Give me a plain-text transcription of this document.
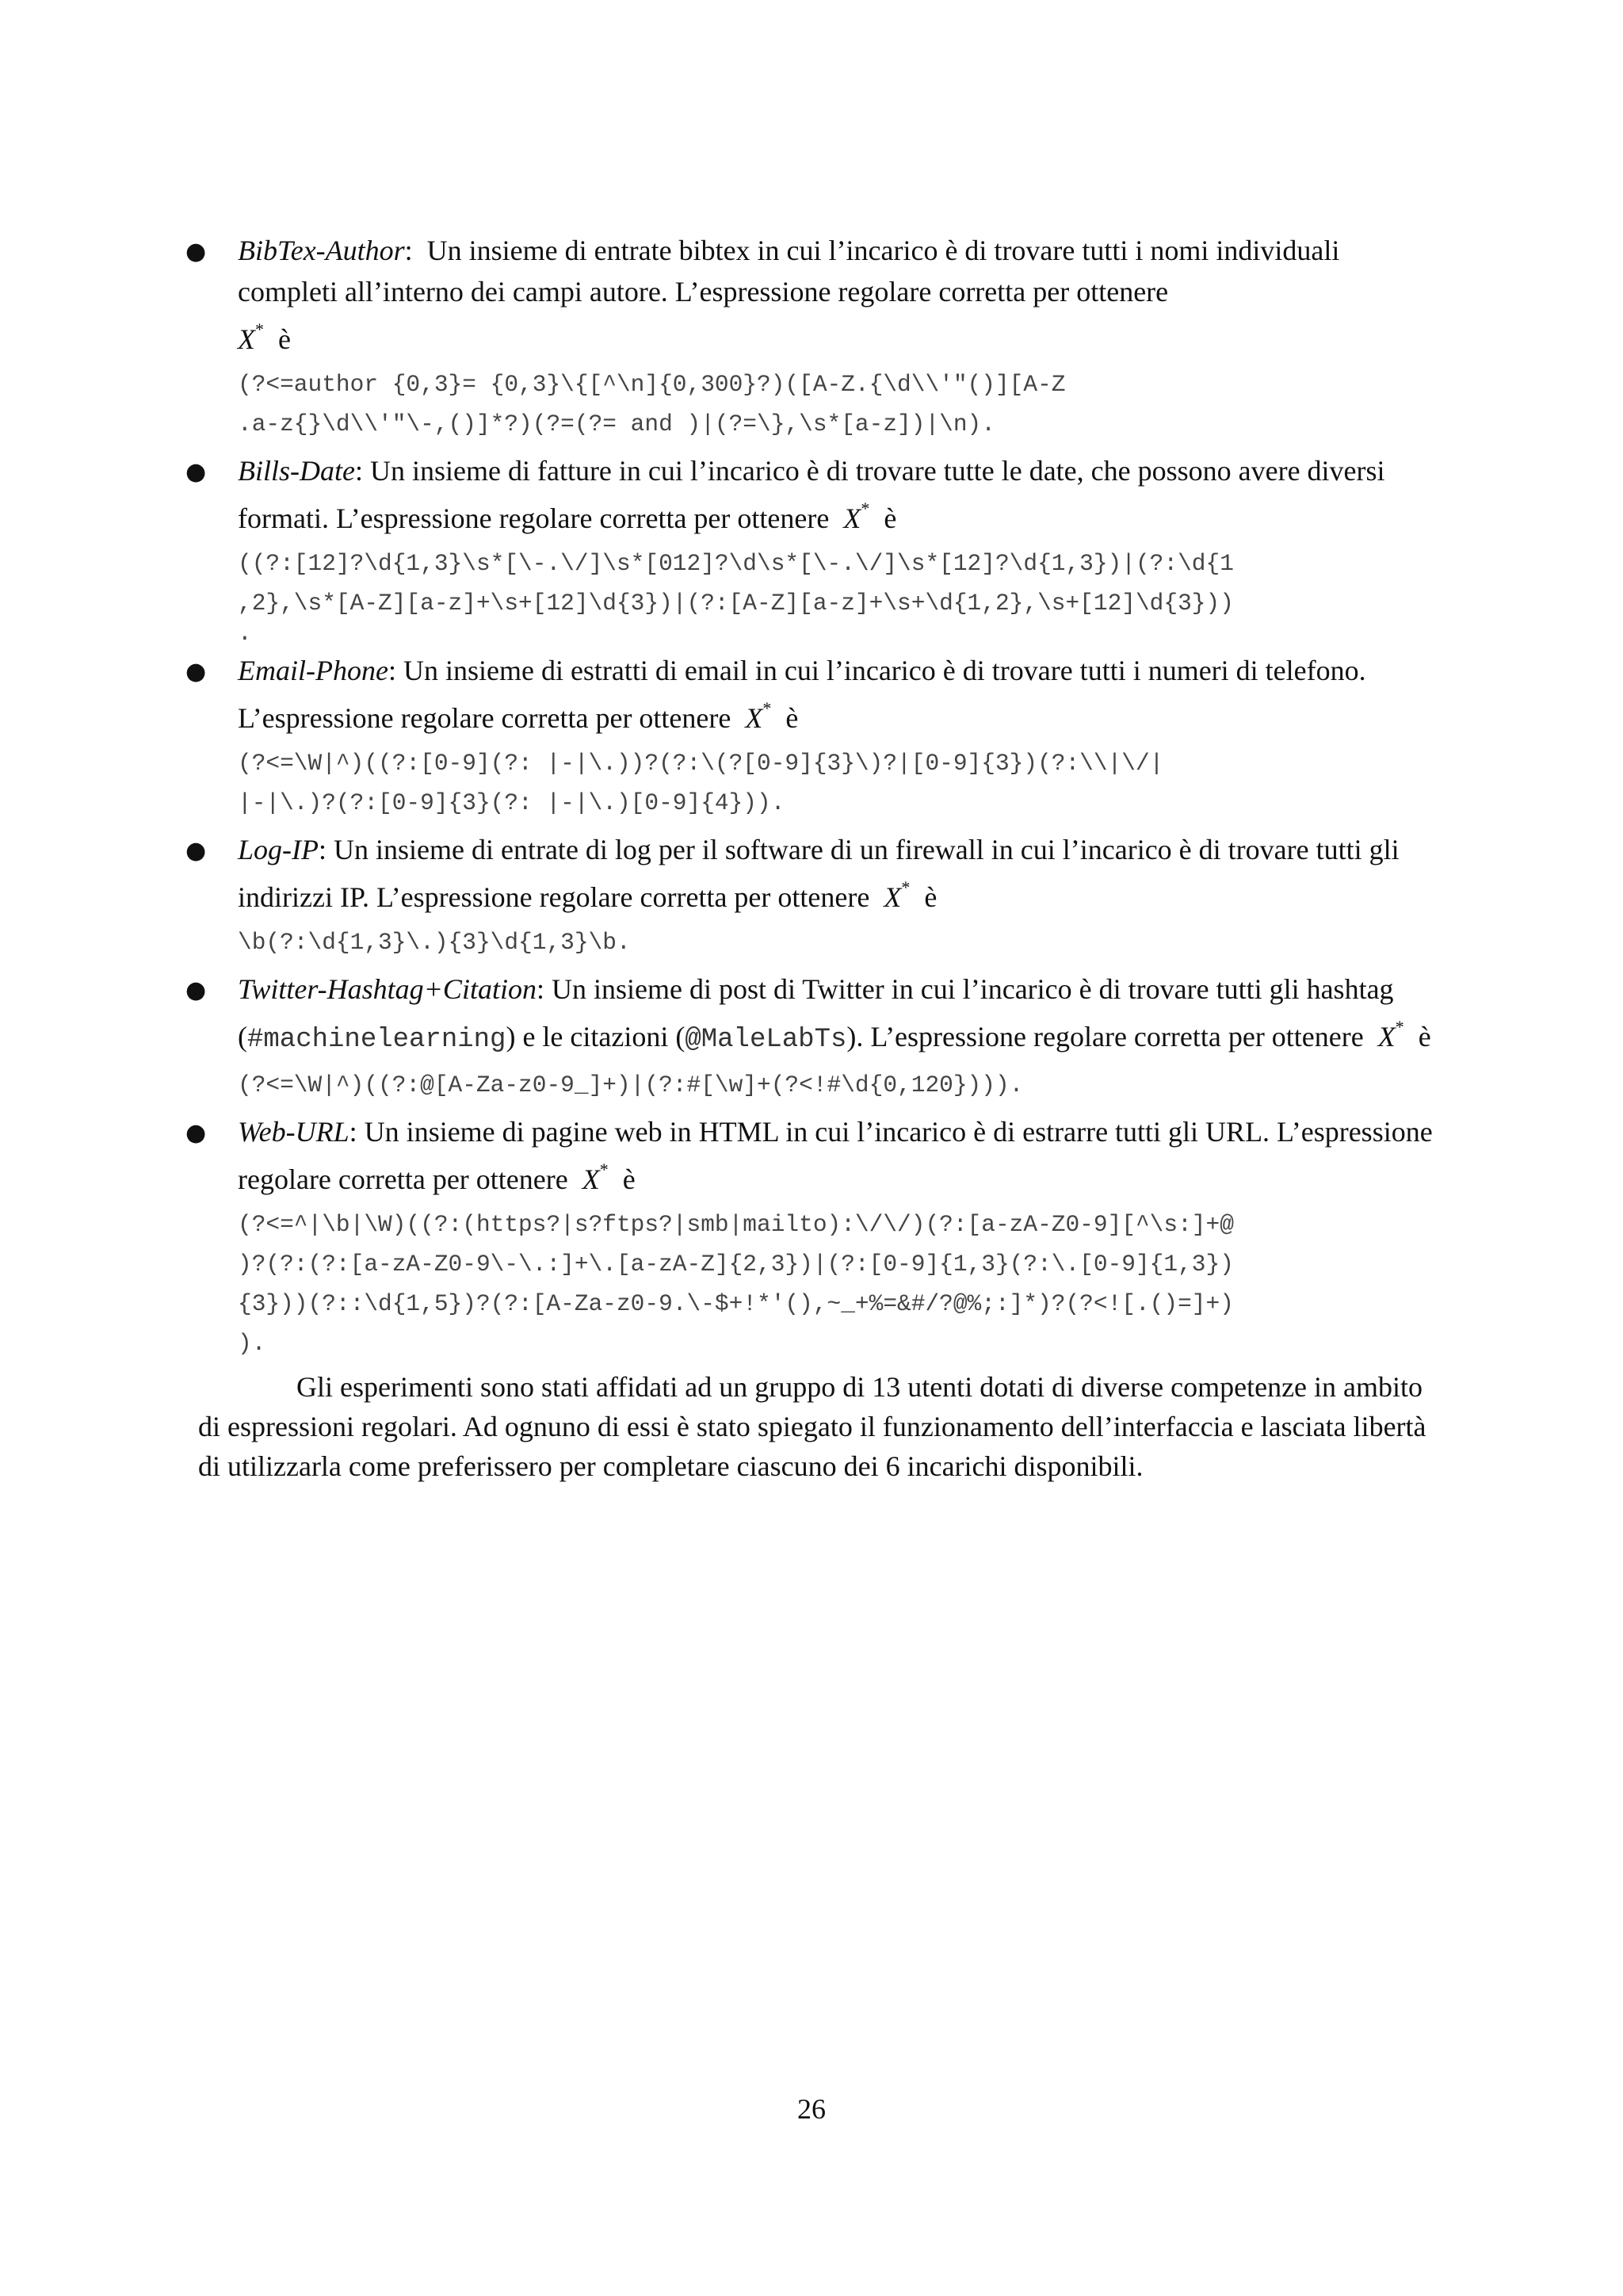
● BibTex-Author:  Un insieme di entrate bibtex in cui l’incarico è di trovare tutti i nomi individuali completi all’interno dei campi autore. L’espressione regolare corretta per ottenere
X* è

(?<=author {0,3}= {0,3}\{[^\n]{0,300}?)([A-Z.{\d\\'"()][A-Z
.a-z{}\d\\'"\-,()]*?)(?=(?= and )|(?=\},\s*[a-z])|\n).
● Bills-Date: Un insieme di fatture in cui l’incarico è di trovare tutte le date, che possono avere diversi formati. L’espressione regolare corretta per ottenere X* è

((?:[12]?\d{1,3}\s*[\-.\/]\s*[012]?\d\s*[\-.\/]\s*[12]?\d{1,3})|(?:\d{1
,2},\s*[A-Z][a-z]+\s+[12]\d{3})|(?:[A-Z][a-z]+\s+\d{1,2},\s+[12]\d{3}))
.
● Email-Phone: Un insieme di estratti di email in cui l’incarico è di trovare tutti i numeri di telefono. L’espressione regolare corretta per ottenere X* è

(?<=\W|^)((?:[0-9](?: |-|\.))?(?:\(?[0-9]{3}\)?|[0-9]{3})(?:\\|\/|
|-|\.)?(?:[0-9]{3}(?: |-|\.)[0-9]{4})).
● Log-IP: Un insieme di entrate di log per il software di un firewall in cui l’incarico è di trovare tutti gli indirizzi IP. L’espressione regolare corretta per ottenere X* è

\b(?:\d{1,3}\.){3}\d{1,3}\b.
● Twitter-Hashtag+Citation: Un insieme di post di Twitter in cui l’incarico è di trovare tutti gli hashtag (#machinelearning) e le citazioni (@MaleLabTs). L’espressione regolare corretta per ottenere X* è

(?<=\W|^)((?:@[A-Za-z0-9_]+)|(?:#[\w]+(?<!#\d{0,120}))).
● Web-URL: Un insieme di pagine web in HTML in cui l’incarico è di estrarre tutti gli URL. L’espressione regolare corretta per ottenere X* è

(?<=^|\b|\W)((?:(https?|s?ftps?|smb|mailto):\/\/)(?:[a-zA-Z0-9][^\s:]+@
)?(?:(?:[a-zA-Z0-9\-\.:]+\.[a-zA-Z]{2,3})|(?:[0-9]{1,3}(?:\.[0-9]{1,3})
{3}))(?::\d{1,5})?(?:[A-Za-z0-9.\-$+!*'(),~_+%=&#/?@%;:]*)?(?<![.()=]+)
).

Gli esperimenti sono stati affidati ad un gruppo di 13 utenti dotati di diverse competenze in ambito di espressioni regolari. Ad ognuno di essi è stato spiegato il funzionamento dell’interfaccia e lasciata libertà di utilizzarla come preferissero per completare ciascuno dei 6 incarichi disponibili.

26
